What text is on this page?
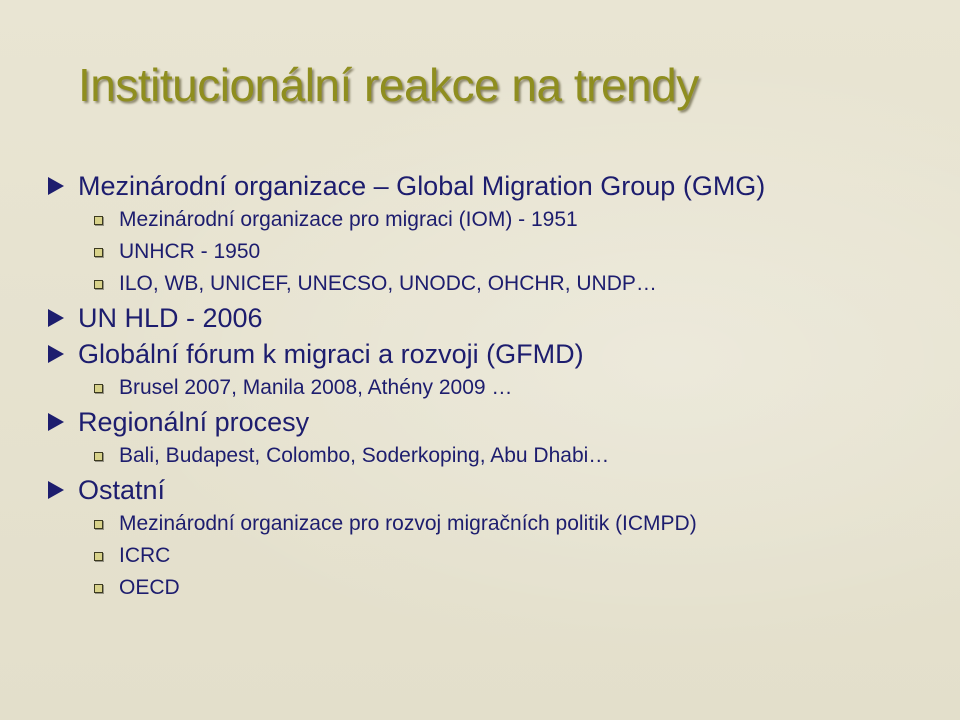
Institucionální reakce na trendy
Mezinárodní organizace – Global Migration Group (GMG)
Mezinárodní organizace pro migraci (IOM) - 1951
UNHCR - 1950
ILO, WB, UNICEF, UNECSO, UNODC, OHCHR, UNDP…
UN HLD - 2006
Globální fórum k migraci a rozvoji (GFMD)
Brusel 2007, Manila 2008, Athény 2009 …
Regionální procesy
Bali, Budapest, Colombo, Soderkoping, Abu Dhabi…
Ostatní
Mezinárodní organizace pro rozvoj migračních politik (ICMPD)
ICRC
OECD
